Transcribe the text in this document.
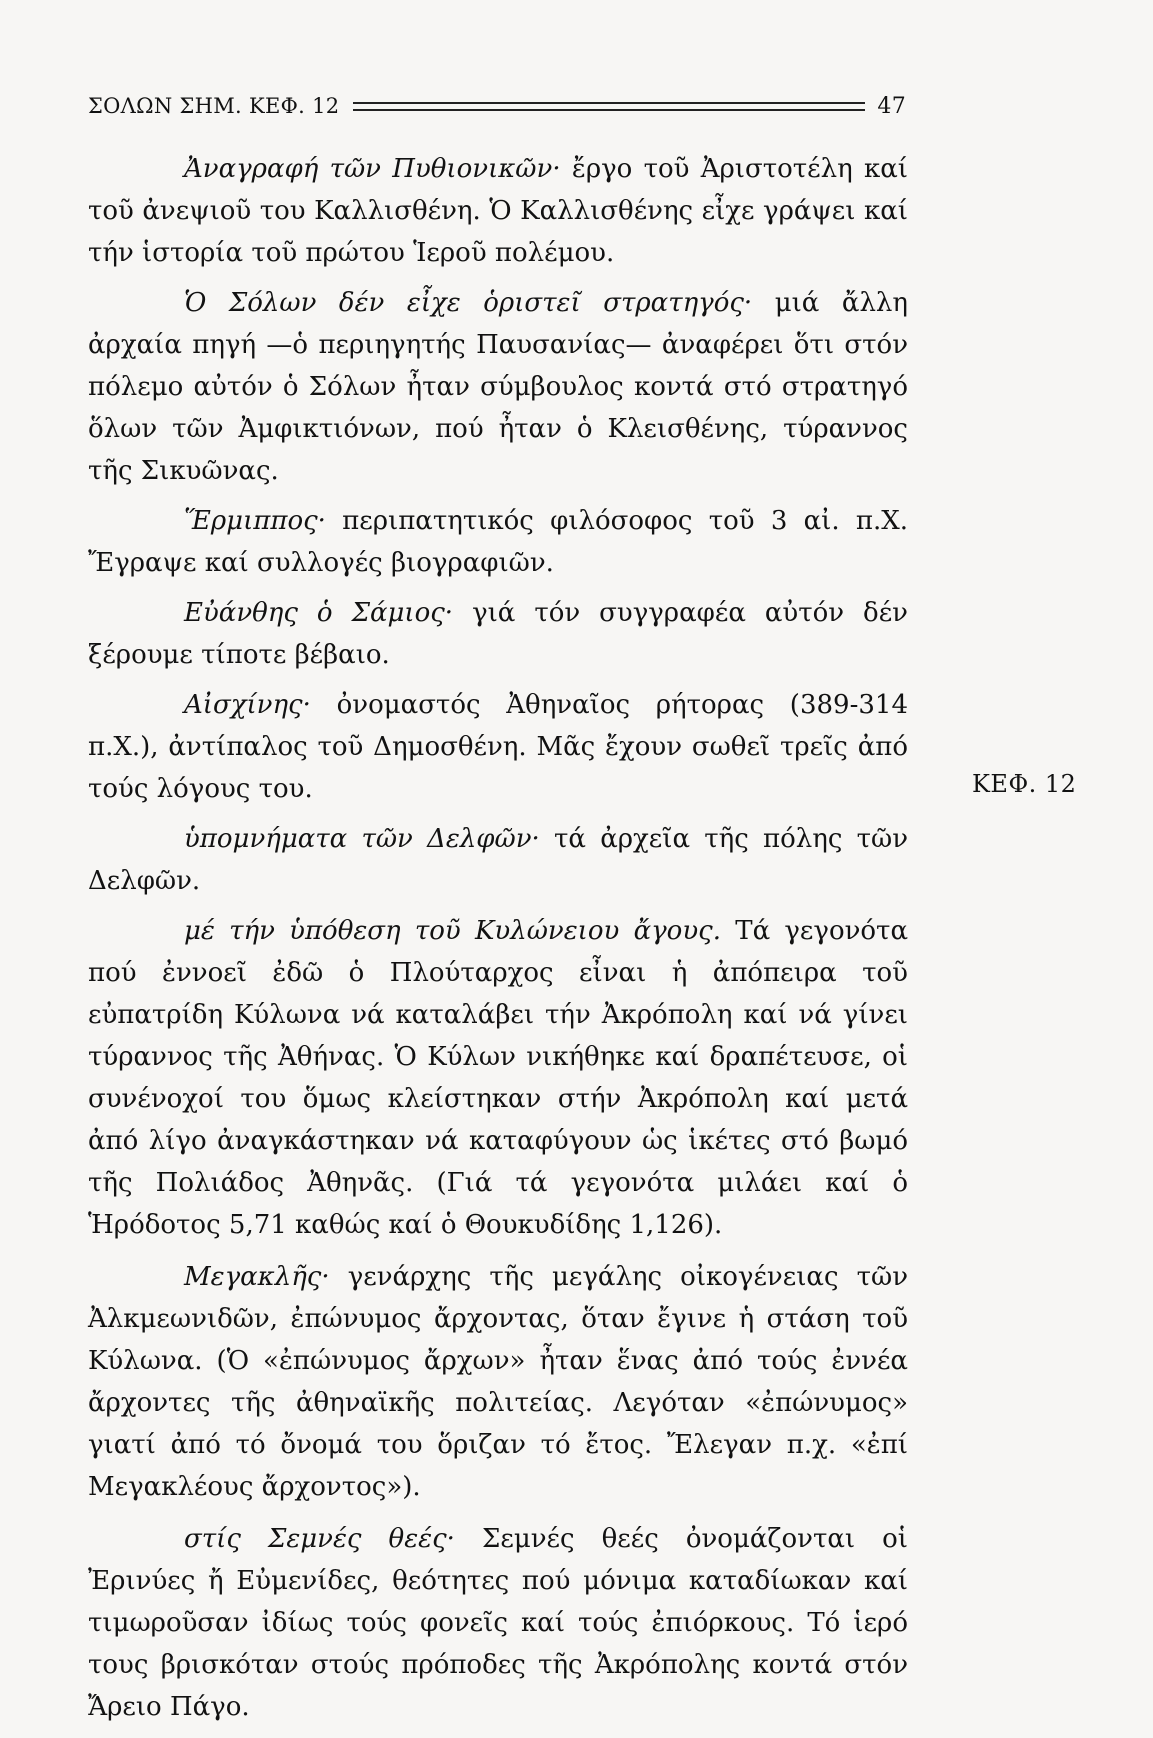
ΣΟΛΩΝ ΣΗΜ. ΚΕΦ. 12	47

Ἀναγραφή τῶν Πυθιονικῶν· ἔργο τοῦ Ἀριστοτέλη καί τοῦ ἀνεψιοῦ του Καλλισθένη. Ὁ Καλλισθένης εἶχε γράψει καί τήν ἱστορία τοῦ πρώτου Ἱεροῦ πολέμου.

Ὁ Σόλων δέν εἶχε ὁριστεῖ στρατηγός· μιά ἄλλη ἀρχαία πηγή —ὁ περιηγητής Παυσανίας— ἀναφέρει ὅτι στόν πόλεμο αὐτόν ὁ Σόλων ἦταν σύμβουλος κοντά στό στρατηγό ὅλων τῶν Ἀμφικτιόνων, πού ἦταν ὁ Κλεισθένης, τύραννος τῆς Σικυῶνας.

Ἕρμιππος· περιπατητικός φιλόσοφος τοῦ 3 αἰ. π.Χ. Ἔγραψε καί συλλογές βιογραφιῶν.

Εὐάνθης ὁ Σάμιος· γιά τόν συγγραφέα αὐτόν δέν ξέρουμε τίποτε βέβαιο.

Αἰσχίνης· ὀνομαστός Ἀθηναῖος ρήτορας (389-314 π.Χ.), ἀντίπαλος τοῦ Δημοσθένη. Μᾶς ἔχουν σωθεῖ τρεῖς ἀπό τούς λόγους του.

ὑπομνήματα τῶν Δελφῶν· τά ἀρχεῖα τῆς πόλης τῶν Δελφῶν.

μέ τήν ὑπόθεση τοῦ Κυλώνειου ἄγους. Τά γεγονότα πού ἐννοεῖ ἐδῶ ὁ Πλούταρχος εἶναι ἡ ἀπόπειρα τοῦ εὐπατρίδη Κύλωνα νά καταλάβει τήν Ἀκρόπολη καί νά γίνει τύραννος τῆς Ἀθήνας. Ὁ Κύλων νικήθηκε καί δραπέτευσε, οἱ συνένοχοί του ὅμως κλείστηκαν στήν Ἀκρόπολη καί μετά ἀπό λίγο ἀναγκάστηκαν νά καταφύγουν ὡς ἱκέτες στό βωμό τῆς Πολιάδος Ἀθηνᾶς. (Γιά τά γεγονότα μιλάει καί ὁ Ἡρόδοτος 5,71 καθώς καί ὁ Θουκυδίδης 1,126).

Μεγακλῆς· γενάρχης τῆς μεγάλης οἰκογένειας τῶν Ἀλκμεωνιδῶν, ἐπώνυμος ἄρχοντας, ὅταν ἔγινε ἡ στάση τοῦ Κύλωνα. (Ὁ «ἐπώνυμος ἄρχων» ἦταν ἕνας ἀπό τούς ἐννέα ἄρχοντες τῆς ἀθηναϊκῆς πολιτείας. Λεγόταν «ἐπώνυμος» γιατί ἀπό τό ὄνομά του ὅριζαν τό ἔτος. Ἔλεγαν π.χ. «ἐπί Μεγακλέους ἄρχοντος»).

στίς Σεμνές θεές· Σεμνές θεές ὀνομάζονται οἱ Ἐρινύες ἤ Εὐμενίδες, θεότητες πού μόνιμα καταδίωκαν καί τιμωροῦσαν ἰδίως τούς φονεῖς καί τούς ἐπιόρκους. Τό ἱερό τους βρισκόταν στούς πρόποδες τῆς Ἀκρόπολης κοντά στόν Ἄρειο Πάγο.

ΚΕΦ. 12
